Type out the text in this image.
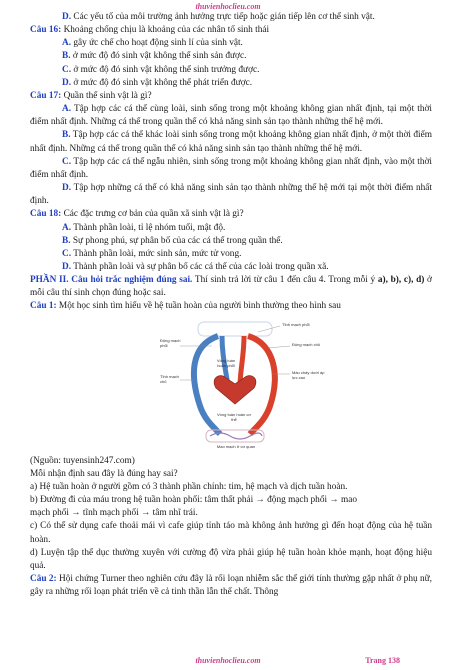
thuvienhoclieu.com
D. Các yếu tố của môi trường ảnh hưởng trực tiếp hoặc gián tiếp lên cơ thể sinh vật.
Câu 16: Khoảng chống chịu là khoảng của các nhân tố sinh thái
A. gây ức chế cho hoạt động sinh lí của sinh vật.
B. ở mức độ đó sinh vật không thể sinh sản được.
C. ở mức độ đó sinh vật không thể sinh trưởng được.
D. ở mức độ đó sinh vật không thể phát triển được.
Câu 17: Quần thể sinh vật là gì?
A. Tập hợp các cá thể cùng loài, sinh sống trong một khoảng không gian nhất định, tại một thời điểm nhất định. Những cá thể trong quần thể có khả năng sinh sản tạo thành những thế hệ mới.
B. Tập hợp các cá thể khác loài sinh sống trong một khoảng không gian nhất định, ở một thời điểm nhất định. Những cá thể trong quần thể có khả năng sinh sản tạo thành những thế hệ mới.
C. Tập hợp các cá thể ngẫu nhiên, sinh sống trong một khoảng không gian nhất định, vào một thời điểm nhất định.
D. Tập hợp những cá thể có khả năng sinh sản tạo thành những thế hệ mới tại một thời điểm nhất định.
Câu 18: Các đặc trưng cơ bản của quần xã sinh vật là gì?
A. Thành phần loài, tỉ lệ nhóm tuổi, mật độ.
B. Sự phong phú, sự phân bố của các cá thể trong quần thể.
C. Thành phần loài, mức sinh sản, mức tử vong.
D. Thành phần loài và sự phân bố các cá thể của các loài trong quần xã.
PHẦN II. Câu hỏi trắc nghiệm đúng sai. Thí sinh trả lời từ câu 1 đến câu 4. Trong mỗi ý a), b), c), d) ở mỗi câu thí sinh chọn đúng hoặc sai.
Câu 1: Một học sinh tìm hiểu về hệ tuần hoàn của người bình thường theo hình sau
Động mạch phổi
Tĩnh mạch phổi
Động mạch chủ
Tĩnh mạch chủ
Máu chảy dưới áp lực cao
Vòng tuần hoàn phổi
Vòng tuần hoàn cơ thể
Mao mạch ở cơ quan
(Nguồn: tuyensinh247.com)
Mỗi nhận định sau đây là đúng hay sai?
a) Hệ tuần hoàn ở người gồm có 3 thành phần chính: tim, hệ mạch và dịch tuần hoàn.
b) Đường đi của máu trong hệ tuần hoàn phổi: tâm thất phải → động mạch phổi → mao
mạch phổi → tĩnh mạch phổi → tâm nhĩ trái.
c) Có thể sử dụng cafe thoải mái vì cafe giúp tỉnh táo mà không ảnh hưởng gì đến hoạt động của hệ tuần hoàn.
d) Luyện tập thể dục thường xuyên với cường độ vừa phải giúp hệ tuần hoàn khỏe mạnh, hoạt động hiệu quả.
Câu 2: Hội chứng Turner theo nghiên cứu đây là rối loạn nhiễm sắc thể giới tính thường gặp nhất ở phụ nữ, gây ra những rối loạn phát triển về cả tinh thần lẫn thể chất. Thông
thuvienhoclieu.com	Trang 138
